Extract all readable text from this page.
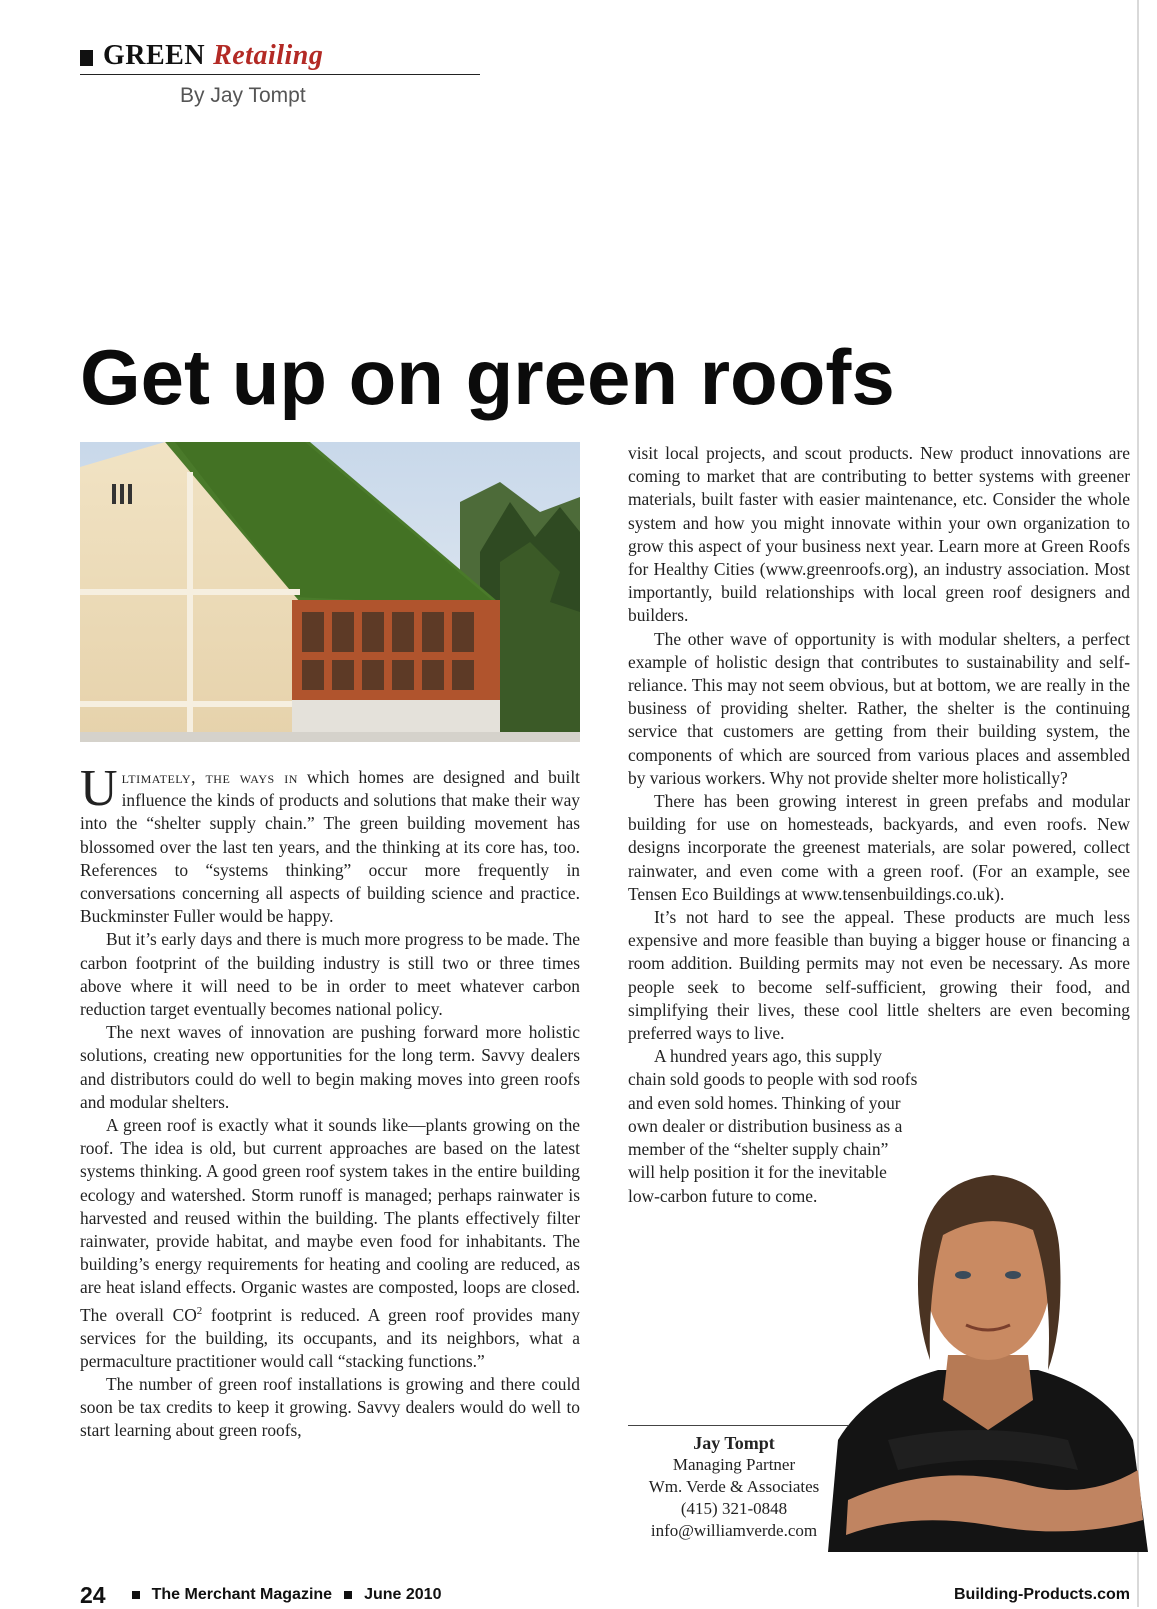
GREEN Retailing
By Jay Tompt
Get up on green roofs

Ultimately, the ways in which homes are designed and built influence the kinds of products and solutions that make their way into the “shelter supply chain.” The green building movement has blossomed over the last ten years, and the thinking at its core has, too. References to “systems thinking” occur more frequently in conversations concerning all aspects of building science and practice. Buckminster Fuller would be happy.

But it’s early days and there is much more progress to be made. The carbon footprint of the building industry is still two or three times above where it will need to be in order to meet whatever carbon reduction target eventually becomes national policy.

The next waves of innovation are pushing forward more holistic solutions, creating new opportunities for the long term. Savvy dealers and distributors could do well to begin making moves into green roofs and modular shelters.

A green roof is exactly what it sounds like—plants growing on the roof. The idea is old, but current approaches are based on the latest systems thinking. A good green roof system takes in the entire building ecology and watershed. Storm runoff is managed; perhaps rainwater is harvested and reused within the building. The plants effectively filter rainwater, provide habitat, and maybe even food for inhabitants. The building’s energy requirements for heating and cooling are reduced, as are heat island effects. Organic wastes are composted, loops are closed. The overall $CO^2$ footprint is reduced. A green roof provides many services for the building, its occupants, and its neighbors, what a permaculture practitioner would call “stacking functions.”

The number of green roof installations is growing and there could soon be tax credits to keep it growing. Savvy dealers would do well to start learning about green roofs,

visit local projects, and scout products. New product innovations are coming to market that are contributing to better systems with greener materials, built faster with easier maintenance, etc. Consider the whole system and how you might innovate within your own organization to grow this aspect of your business next year. Learn more at Green Roofs for Healthy Cities (www.greenroofs.org), an industry association. Most importantly, build relationships with local green roof designers and builders.

The other wave of opportunity is with modular shelters, a perfect example of holistic design that contributes to sustainability and self-reliance. This may not seem obvious, but at bottom, we are really in the business of providing shelter. Rather, the shelter is the continuing service that customers are getting from their building system, the components of which are sourced from various places and assembled by various workers. Why not provide shelter more holistically?

There has been growing interest in green prefabs and modular building for use on homesteads, backyards, and even roofs. New designs incorporate the greenest materials, are solar powered, collect rainwater, and even come with a green roof. (For an example, see Tensen Eco Buildings at www.tensenbuildings.co.uk).

It’s not hard to see the appeal. These products are much less expensive and more feasible than buying a bigger house or financing a room addition. Building permits may not even be necessary. As more people seek to become self-sufficient, growing their food, and simplifying their lives, these cool little shelters are even becoming preferred ways to live.

A hundred years ago, this supply chain sold goods to people with sod roofs and even sold homes. Thinking of your own dealer or distribution business as a member of the “shelter supply chain” will help position it for the inevitable low-carbon future to come.

Jay Tompt
Managing Partner
Wm. Verde & Associates
(415) 321-0848
info@williamverde.com
24	The Merchant Magazine June 2010	Building-Products.com
